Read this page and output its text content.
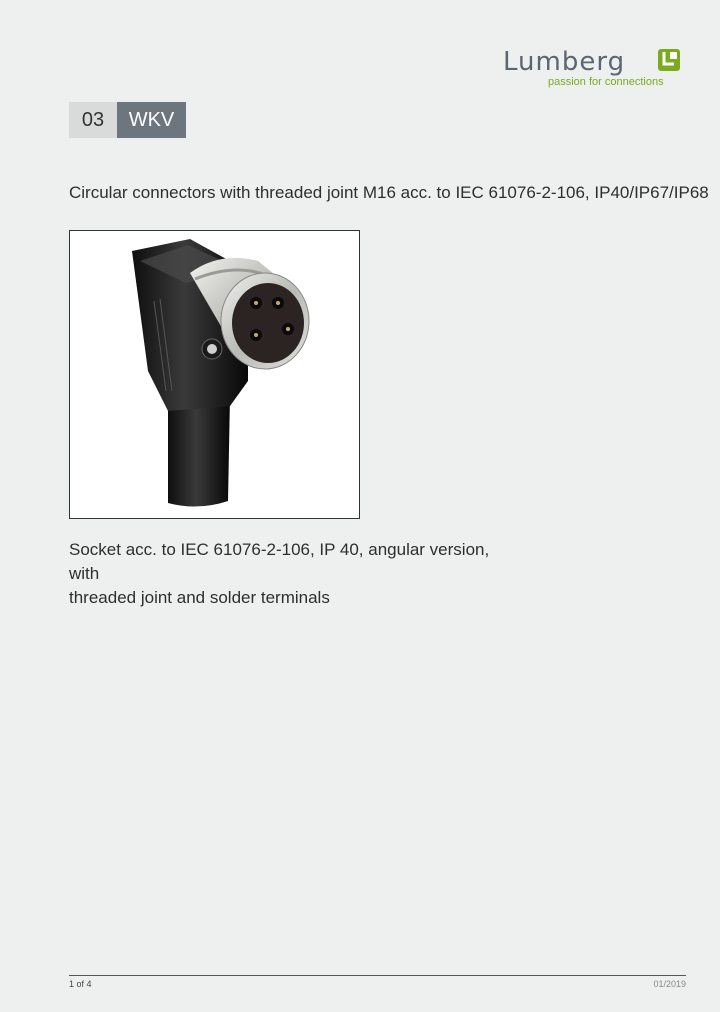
Lumberg
passion for connections
03	WKV
Circular connectors with threaded joint M16 acc. to IEC 61076-2-106, IP40/IP67/IP68
Socket acc. to IEC 61076-2-106, IP 40, angular version, with
threaded joint and solder terminals
1 of 4	01/2019
